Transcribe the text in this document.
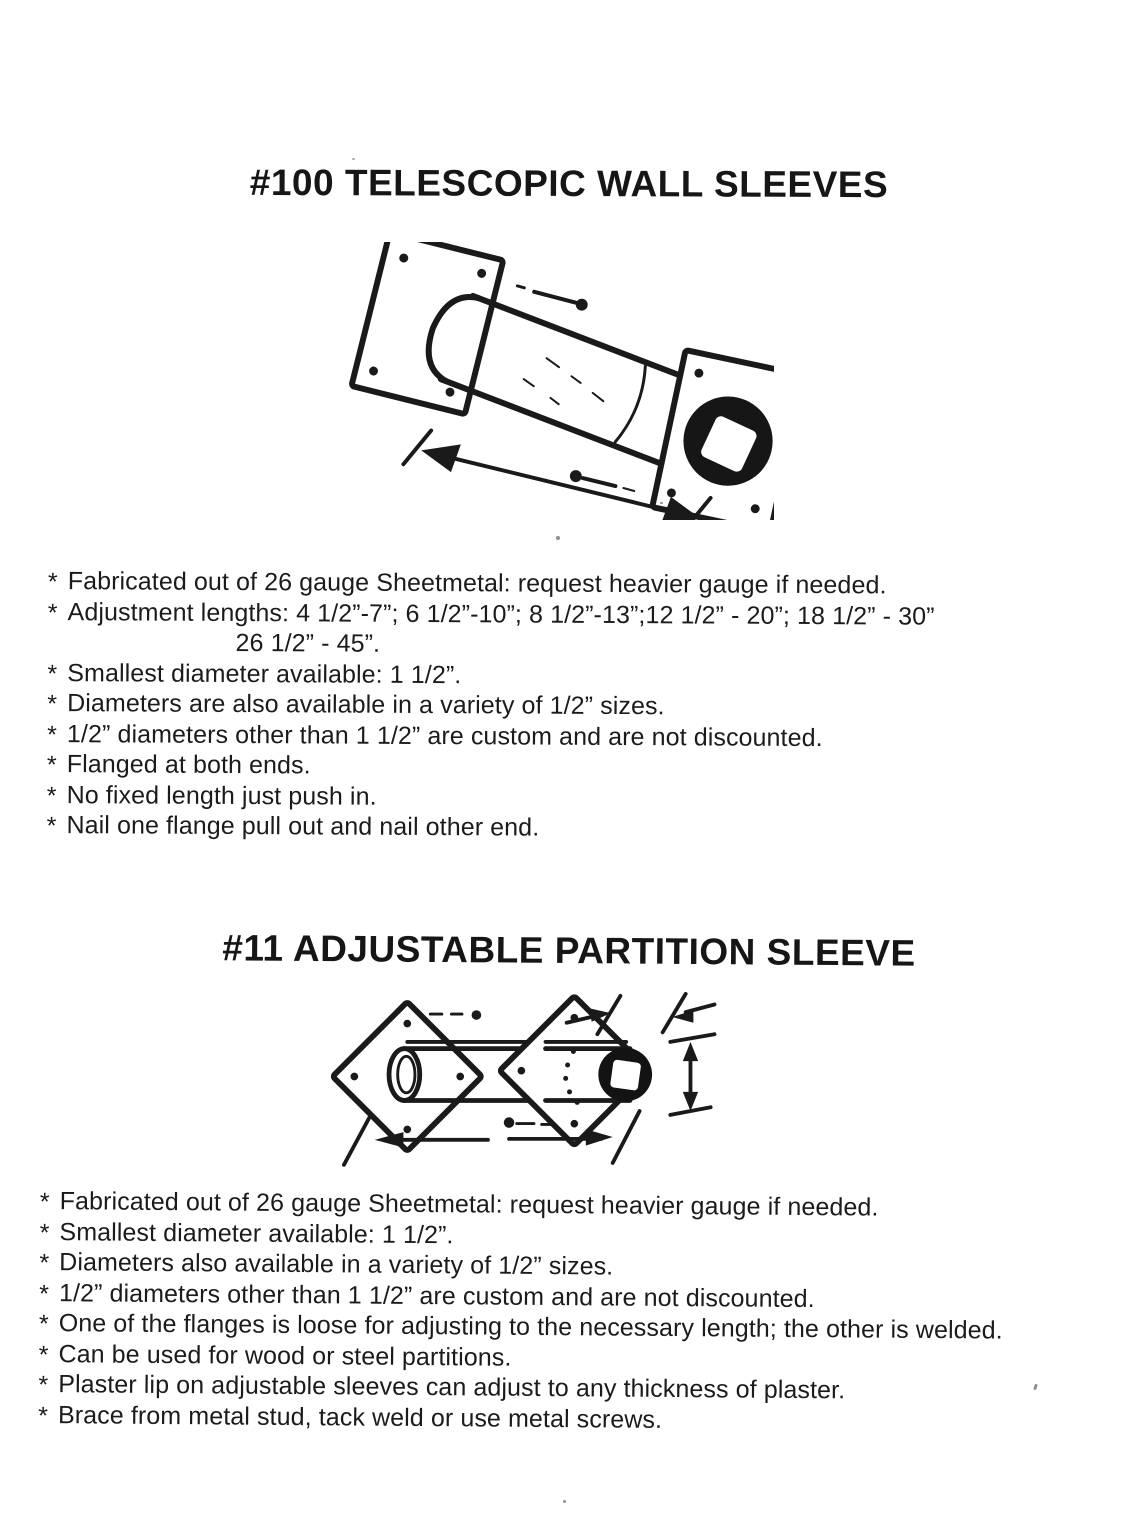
#100 TELESCOPIC WALL SLEEVES

* Fabricated out of 26 gauge Sheetmetal: request heavier gauge if needed.

* Adjustment lengths: 4 1/2”-7”; 6 1/2”-10”; 8 1/2”-13”;12 1/2” - 20”; 18 1/2” - 30”

26 1/2” - 45”.

* Smallest diameter available: 1 1/2”.

* Diameters are also available in a variety of 1/2” sizes.

* 1/2” diameters other than 1 1/2” are custom and are not discounted.

* Flanged at both ends.

* No fixed length just push in.

* Nail one flange pull out and nail other end.

#11 ADJUSTABLE PARTITION SLEEVE

* Fabricated out of 26 gauge Sheetmetal: request heavier gauge if needed.

* Smallest diameter available: 1 1/2”.

* Diameters also available in a variety of 1/2” sizes.

* 1/2” diameters other than 1 1/2” are custom and are not discounted.

* One of the flanges is loose for adjusting to the necessary length; the other is welded.

* Can be used for wood or steel partitions.

* Plaster lip on adjustable sleeves can adjust to any thickness of plaster.

* Brace from metal stud, tack weld or use metal screws.
